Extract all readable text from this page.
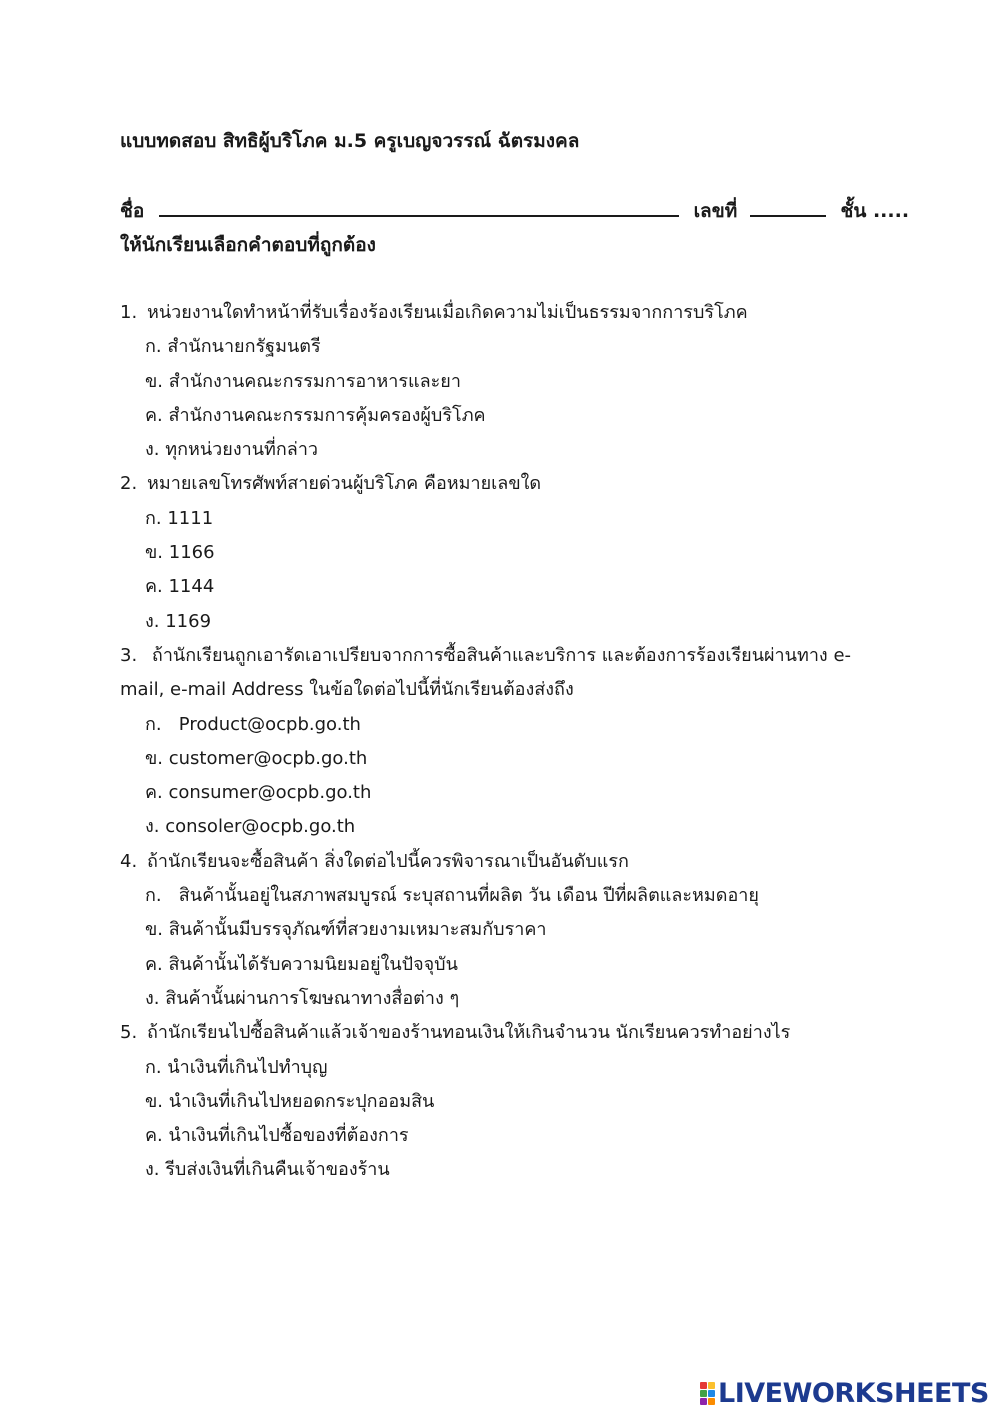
แบบทดสอบ สิทธิผู้บริโภค ม.5 ครูเบญจวรรณ์ ฉัตรมงคล
ชื่อ	เลขที่	ชั้น .....
ให้นักเรียนเลือกคำตอบที่ถูกต้อง
1. หน่วยงานใดทำหน้าที่รับเรื่องร้องเรียนเมื่อเกิดความไม่เป็นธรรมจากการบริโภค
ก. สำนักนายกรัฐมนตรี
ข. สำนักงานคณะกรรมการอาหารและยา
ค. สำนักงานคณะกรรมการคุ้มครองผู้บริโภค
ง. ทุกหน่วยงานที่กล่าว
2. หมายเลขโทรศัพท์สายด่วนผู้บริโภค คือหมายเลขใด
ก. 1111
ข. 1166
ค. 1144
ง. 1169
3. ถ้านักเรียนถูกเอารัดเอาเปรียบจากการซื้อสินค้าและบริการ และต้องการร้องเรียนผ่านทาง e-mail, e-mail Address ในข้อใดต่อไปนี้ที่นักเรียนต้องส่งถึง
ก.   Product@ocpb.go.th
ข. customer@ocpb.go.th
ค. consumer@ocpb.go.th
ง. consoler@ocpb.go.th
4. ถ้านักเรียนจะซื้อสินค้า สิ่งใดต่อไปนี้ควรพิจารณาเป็นอันดับแรก
ก.   สินค้านั้นอยู่ในสภาพสมบูรณ์ ระบุสถานที่ผลิต วัน เดือน ปีที่ผลิตและหมดอายุ
ข. สินค้านั้นมีบรรจุภัณฑ์ที่สวยงามเหมาะสมกับราคา
ค. สินค้านั้นได้รับความนิยมอยู่ในปัจจุบัน
ง. สินค้านั้นผ่านการโฆษณาทางสื่อต่าง ๆ
5. ถ้านักเรียนไปซื้อสินค้าแล้วเจ้าของร้านทอนเงินให้เกินจำนวน นักเรียนควรทำอย่างไร
ก. นำเงินที่เกินไปทำบุญ
ข. นำเงินที่เกินไปหยอดกระปุกออมสิน
ค. นำเงินที่เกินไปซื้อของที่ต้องการ
ง. รีบส่งเงินที่เกินคืนเจ้าของร้าน
LIVEWORKSHEETS
